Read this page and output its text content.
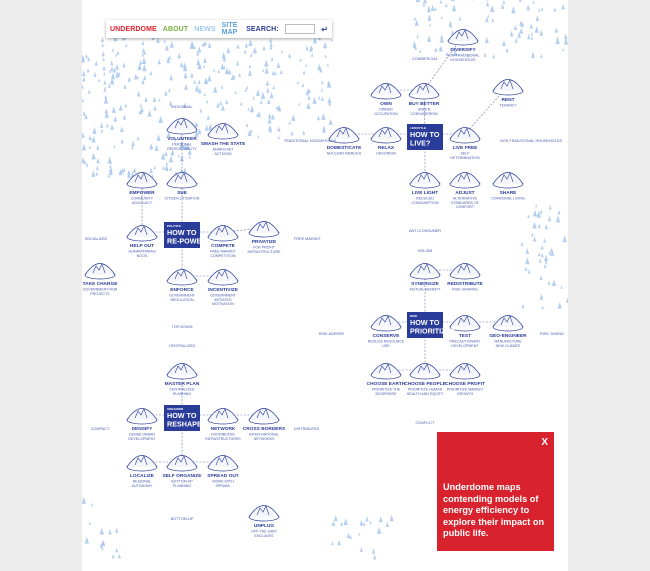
DIVERSIFY
NON-TRADITIONAL
HOUSEHOLDS
OWN
OWNER
OCCUPATION
BUY BETTER
GREEN
CONSUMERISM
RENT
TENANCY
DOMESTICATE
NUCLEAR FAMILIES
RELAX
HEDONISM
LIVE FREE
SELF
DETERMINATION
LIVE LIGHT
REDUCED
CONSUMPTION
ADJUST
ALTERNATIVE
STANDARDS OF
COMFORT
SHARE
COMMUNAL LIVING
VOLUNTEER
PERSONAL
RESPONSIBILITY
SMASH THE STATE
ANARCHIST
ACTIVISM
EMPOWER
COMMUNITY
ADVOCACY
SUE
CITIZEN LITIGATION
HELP OUT
HUMANITARIAN
NGOS
COMPETE
FREE-MARKET
COMPETITION
PRIVATIZE
FOR PROFIT
INFRASTRUCTURE
TAKE CHARGE
GOVERNMENT-RUN
PROJECTS
ENFORCE
GOVERNMENT
REGULATION
INCENTIVIZE
GOVERNMENT
INITIATED
MOTIVATION
SYNERGIZE
MUTUAL BENEFIT
REDISTRIBUTE
RISK SHARING
CONSERVE
REDUCE RESOURCE
USE
TEST
PRECAUTIONARY
DEVELOPMENT
GEO-ENGINEER
MANUFACTURE
NEW CLIMATE
CHOOSE EARTH
PRIORITIZE THE
BIOSPHERE
CHOOSE PEOPLE
PRIORITIZE HUMAN
HEALTH AND EQUITY
CHOOSE PROFIT
PRIORITIZE MARKET
GROWTH
MASTER PLAN
CENTRALIZED
PLANNING
DENSIFY
DENSE URBAN
DEVELOPMENT
NETWORK
DISTRIBUTED
INFRASTRUCTURES
CROSS BORDERS
INTER-NATIONAL
NETWORKS
LOCALIZE
REGIONAL
AUTONOMY
SELF ORGANIZE
BOTTOM-UP
PLANNING
SPREAD OUT
WORK WITH
SPRAWL
UNPLUG
OFF-THE-GRID
ENCLAVES
LIFESTYLE
HOW TO
LIVE?
POLITICS
HOW TO
RE-POWER?
RISK
HOW TO
PRIORITIZE?
URBANISM
HOW TO
RESHAPE?
COMMERCIAL
TRADITIONAL HOUSEHOLDS	NON TRADITIONAL HOUSEHOLDS
ANTI-CONSUMER
INDIVIDUAL
SOCIALIZED	FREE MARKET
TOP-DOWN
HOLISM
RISK-AVERSE	RISK-TAKING
CONFLICT
CENTRALIZED
COMPACT	DISTRIBUTED
BOTTOM-UP
UNDERDOME ABOUT NEWS SITE MAP	SEARCH:	↵
X
Underdome maps contending models of energy efficiency to explore their impact on public life.
